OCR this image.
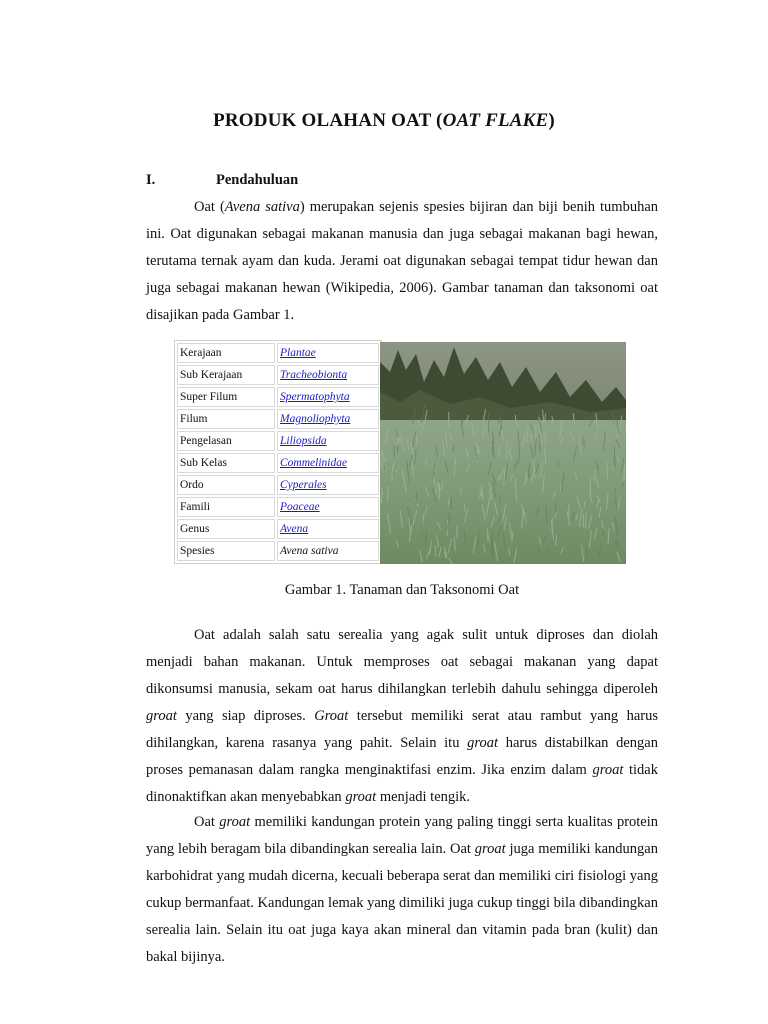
PRODUK OLAHAN OAT (OAT FLAKE)
I.	Pendahuluan

Oat (Avena sativa) merupakan sejenis spesies bijiran dan biji benih tumbuhan ini. Oat digunakan sebagai makanan manusia dan juga sebagai makanan bagi hewan, terutama ternak ayam dan kuda. Jerami oat digunakan sebagai tempat tidur hewan dan juga sebagai makanan hewan (Wikipedia, 2006). Gambar tanaman dan taksonomi oat disajikan pada Gambar 1.

Kerajaan	Plantae
Sub Kerajaan	Tracheobionta
Super Filum	Spermatophyta
Filum	Magnoliophyta
Pengelasan	Liliopsida
Sub Kelas	Commelinidae
Ordo	Cyperales
Famili	Poaceae
Genus	Avena
Spesies	Avena sativa
Gambar 1. Tanaman dan Taksonomi Oat

Oat adalah salah satu serealia yang agak sulit untuk diproses dan diolah menjadi bahan makanan. Untuk memproses oat sebagai makanan yang dapat dikonsumsi manusia, sekam oat harus dihilangkan terlebih dahulu sehingga diperoleh groat yang siap diproses. Groat tersebut memiliki serat atau rambut yang harus dihilangkan, karena rasanya yang pahit. Selain itu groat harus distabilkan dengan proses pemanasan dalam rangka menginaktifasi enzim. Jika enzim dalam groat tidak dinonaktifkan akan menyebabkan groat menjadi tengik.

Oat groat memiliki kandungan protein yang paling tinggi serta kualitas protein yang lebih beragam bila dibandingkan serealia lain. Oat groat juga memiliki kandungan karbohidrat yang mudah dicerna, kecuali beberapa serat dan memiliki ciri fisiologi yang cukup bermanfaat. Kandungan lemak yang dimiliki juga cukup tinggi bila dibandingkan serealia lain. Selain itu oat juga kaya akan mineral dan vitamin pada bran (kulit) dan bakal bijinya.
